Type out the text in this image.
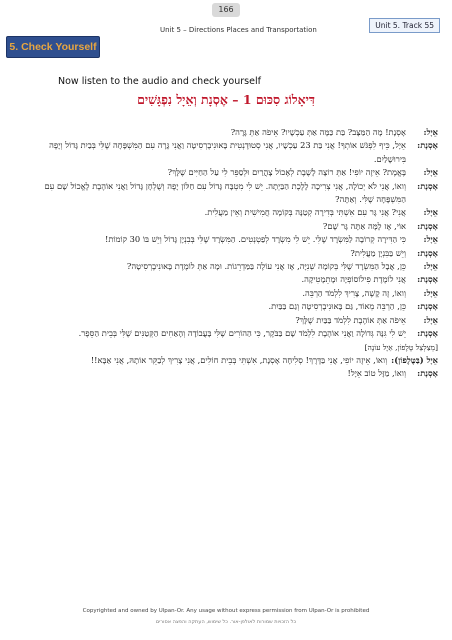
166
Unit 5. Track 55
Unit 5 – Directions Places and Transportation
5. Check Yourself
Now listen to the audio and check yourself
דִּיאָלוֹג סִכּוּם 1 – אֶסְנָת וְאֵיָל נִפְגָּשִׁים
אֵיָל:
אָסְנָת! מָה הַמַּצָּב? בַּת כַּמָּה אַתְּ עַכְשָׁיו? אֵיפֹה אַתְּ גָּרָה?
אָסְנָת:
אֵיָל, כֵּיף לִפְגֹּשׁ אוֹתְךָ! אֲנִי בַּת 23 עַכְשָׁיו, אֲנִי סְטוּדֶנְטִית בָּאוּנִיבֶרְסִיטָה וַאֲנִי גָּרָה עִם הַמִּשְׁפָּחָה שֶׁלִּי בְּבַיִת גָּדוֹל וְיָפֶה בִּירוּשָׁלַיִם.
אֵיָל:
בֶּאֱמֶת? אֵיזֶה יוֹפִי! אַתְּ רוֹצָה לָשֶׁבֶת לְאֶכוֹל צָהֳרַיִם וּלְסַפֵּר לִי עַל הַחַיִּים שֶׁלָּךְ?
אָסְנָת:
וְואוֹ, אֲנִי לֹא יְכוֹלָה, אֲנִי צְרִיכָה לָלֶכֶת הַבַּיְתָה. יֵשׁ לִי מִטְבָּח גָּדוֹל עִם חַלּוֹן יָפֶה וְשֻׁלְחָן גָּדוֹל וַאֲנִי אוֹהֶבֶת לֶאֱכוֹל שָׁם עִם הַמִּשְׁפָּחָה שֶׁלִּי. וְאַתָּה?
אֵיָל:
אֲנִי? אֲנִי גָּר עִם אִשְׁתִּי בְּדִירָה קְטַנָּה בְּקוֹמָה חֲמִישִׁית וְאֵין מַעֲלִית.
אָסְנָת:
אוֹי, אָז לָמָּה אַתָּה גָּר שָׁם?
אֵיָל:
כִּי הַדִּירָה קְרוֹבָה לַמִּשְׂרָד שֶׁלִּי. יֵשׁ לִי מִשְׂרָד לְפַטְנְטִים. הַמִּשְׂרָד שֶׁלִּי בְּבִנְיָן גָּדוֹל וְיֵשׁ בּוֹ 30 קוֹמוֹת!
אָסְנָת:
וְיֵשׁ בַּבִּנְיָן מַעֲלִית?
אֵיָל:
כֵּן, אֲבָל הַמִּשְׂרָד שֶׁלִּי בְּקוֹמָה שְׁנִיָּה, אָז אֲנִי עוֹלֶה בַּמַּדְרֵגוֹת. וּמָה אַתְּ לוֹמֶדֶת בָּאוּנִיבֶרְסִיטָה?
אָסְנָת:
אֲנִי לוֹמֶדֶת פִילוֹסוֹפְיָה וּמָתֵמָטִיקָה.
אֵיָל:
וְואוֹ, זֶה קָשֶׁה, צָרִיךְ לִלְמֹד הַרְבֵּה.
אָסְנָת:
כֵּן, הַרְבֵּה מְאוֹד, גַּם בָּאוּנִיבֶרְסִיטָה וְגַם בַּבַּיִת.
אֵיָל:
אֵיפֹה אַתְּ אוֹהֶבֶת לִלְמֹד בַּבַּיִת שֶׁלָּךְ?
אָסְנָת:
יֵשׁ לִי גִּנָּה גְּדוֹלָה וַאֲנִי אוֹהֶבֶת לִלְמֹד שָׁם בַּבֹּקֶר, כִּי הַהוֹרִים שֶׁלִּי בָּעֲבוֹדָה וְהָאַחִים הַקְּטַנִּים שֶׁלִּי בְּבֵית הַסֵּפֶר.
[מְצַלְצֵל טֶלֶפוֹן, אֵיָל עוֹנֶה]
אֵיָל (בַּטֶּלֶפוֹן):
וְואוֹ, אֵיזֶה יוֹפִי, אֲנִי בַּדֶּרֶךְ! סְלִיחָה אָסְנָת, אִשְׁתִּי בְּבֵית חוֹלִים, אֲנִי צָרִיךְ לְבַקֵּר אוֹתָהּ, אֲנִי אַבָּא!!
אָסְנָת:
וְואוֹ, מַזָּל טוֹב אֵיָל!
Copyrighted and owned by Ulpan-Or. Any usage without express permission from Ulpan-Or is prohibited
כל הזכויות שמורות לאולפן-אור. כל שימוש, העתקה והפצה אסורים
